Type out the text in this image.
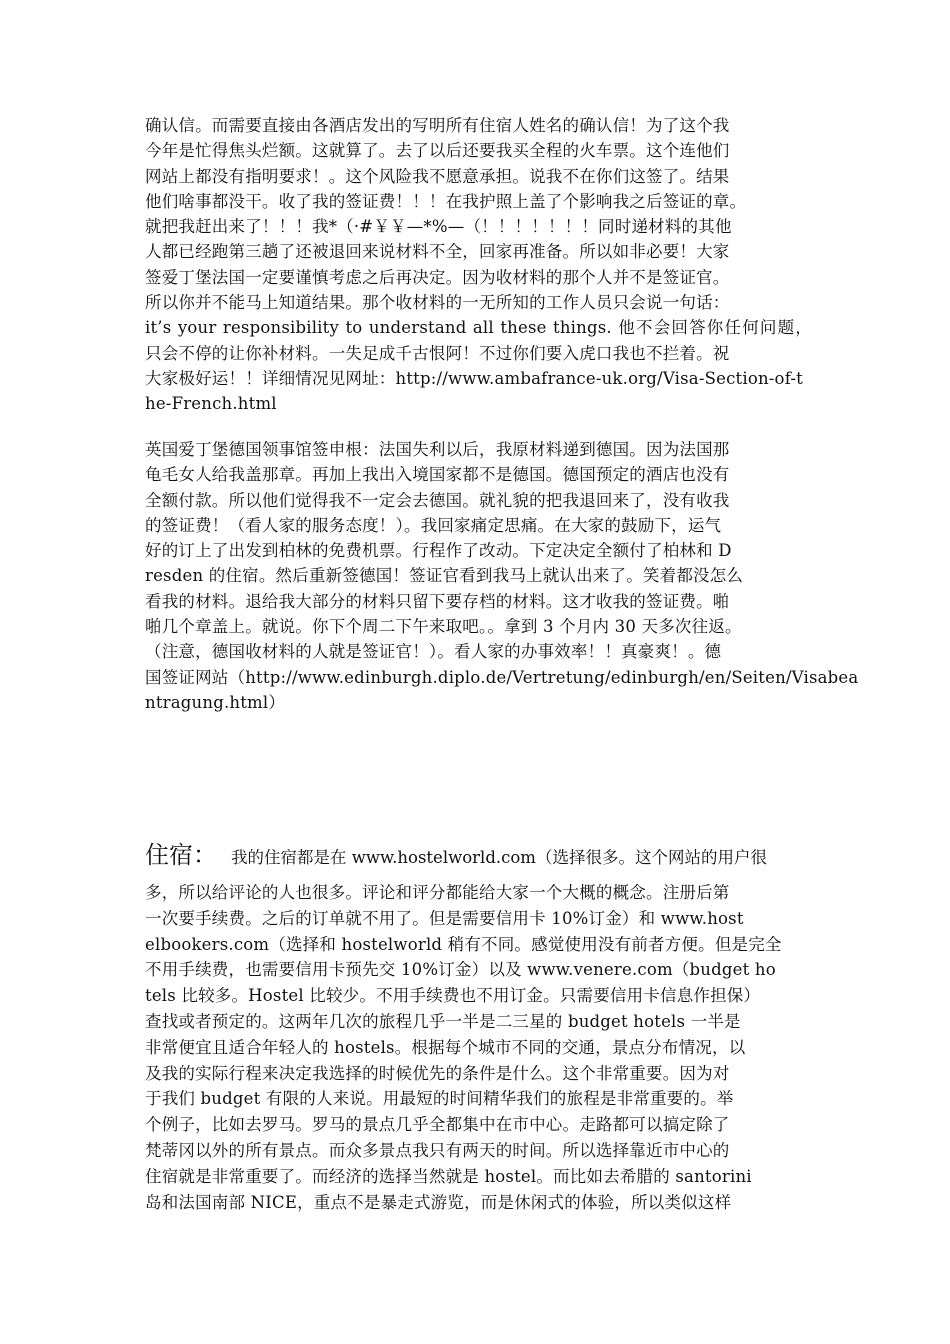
确认信。而需要直接由各酒店发出的写明所有住宿人姓名的确认信！为了这个我
今年是忙得焦头烂额。这就算了。去了以后还要我买全程的火车票。这个连他们
网站上都没有指明要求！。这个风险我不愿意承担。说我不在你们这签了。结果
他们啥事都没干。收了我的签证费！！！在我护照上盖了个影响我之后签证的章。
就把我赶出来了！！！我*（·#￥￥—*%—（！！！！！！！同时递材料的其他
人都已经跑第三趟了还被退回来说材料不全，回家再准备。所以如非必要！大家
签爱丁堡法国一定要谨慎考虑之后再决定。因为收材料的那个人并不是签证官。
所以你并不能马上知道结果。那个收材料的一无所知的工作人员只会说一句话：
it’s your responsibility to understand all these things. 他不会回答你任何问题，
只会不停的让你补材料。一失足成千古恨阿！不过你们要入虎口我也不拦着。祝
大家极好运！！详细情况见网址：http://www.ambafrance-uk.org/Visa-Section-of-t
he-French.html
英国爱丁堡德国领事馆签申根：法国失利以后，我原材料递到德国。因为法国那
龟毛女人给我盖那章。再加上我出入境国家都不是德国。德国预定的酒店也没有
全额付款。所以他们觉得我不一定会去德国。就礼貌的把我退回来了，没有收我
的签证费！（看人家的服务态度！）。我回家痛定思痛。在大家的鼓励下，运气
好的订上了出发到柏林的免费机票。行程作了改动。下定决定全额付了柏林和 D
resden 的住宿。然后重新签德国！签证官看到我马上就认出来了。笑着都没怎么
看我的材料。退给我大部分的材料只留下要存档的材料。这才收我的签证费。啪
啪几个章盖上。就说。你下个周二下午来取吧。。拿到 3 个月内 30 天多次往返。
（注意，德国收材料的人就是签证官！）。看人家的办事效率！！真豪爽！。德
国签证网站（http://www.edinburgh.diplo.de/Vertretung/edinburgh/en/Seiten/Visabea
ntragung.html）
住宿： 我的住宿都是在 www.hostelworld.com（选择很多。这个网站的用户很
多，所以给评论的人也很多。评论和评分都能给大家一个大概的概念。注册后第
一次要手续费。之后的订单就不用了。但是需要信用卡 10%订金）和 www.host
elbookers.com（选择和 hostelworld 稍有不同。感觉使用没有前者方便。但是完全
不用手续费，也需要信用卡预先交 10%订金）以及 www.venere.com（budget ho
tels 比较多。Hostel 比较少。不用手续费也不用订金。只需要信用卡信息作担保）
查找或者预定的。这两年几次的旅程几乎一半是二三星的 budget hotels 一半是
非常便宜且适合年轻人的 hostels。根据每个城市不同的交通，景点分布情况，以
及我的实际行程来决定我选择的时候优先的条件是什么。这个非常重要。因为对
于我们 budget 有限的人来说。用最短的时间精华我们的旅程是非常重要的。举
个例子，比如去罗马。罗马的景点几乎全都集中在市中心。走路都可以搞定除了
梵蒂冈以外的所有景点。而众多景点我只有两天的时间。所以选择靠近市中心的
住宿就是非常重要了。而经济的选择当然就是 hostel。而比如去希腊的 santorini
岛和法国南部 NICE，重点不是暴走式游览，而是休闲式的体验，所以类似这样
